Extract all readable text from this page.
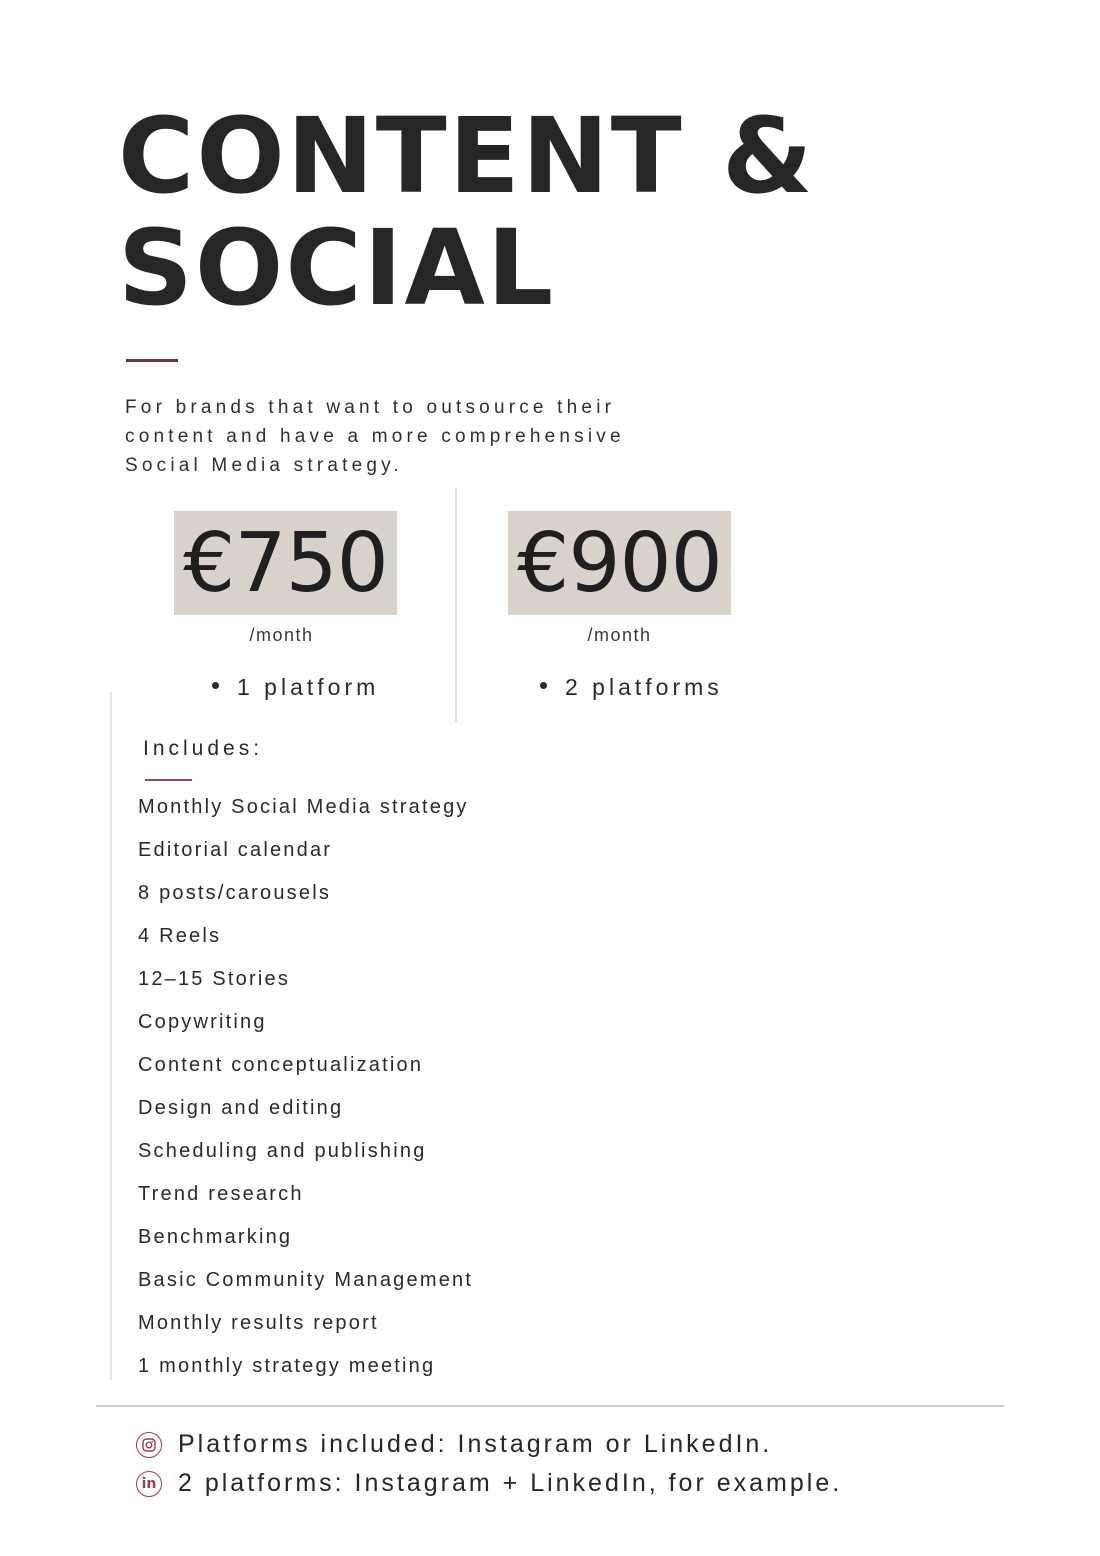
CONTENT &
SOCIAL

For brands that want to outsource their content and have a more comprehensive Social Media strategy.

€750 €900
/month	/month
1 platform	2 platforms
Includes:
Monthly Social Media strategy
Editorial calendar
8 posts/carousels
4 Reels
12–15 Stories
Copywriting
Content conceptualization
Design and editing
Scheduling and publishing
Trend research
Benchmarking
Basic Community Management
Monthly results report
1 monthly strategy meeting
Platforms included: Instagram or LinkedIn.
in 2 platforms: Instagram + LinkedIn, for example.
